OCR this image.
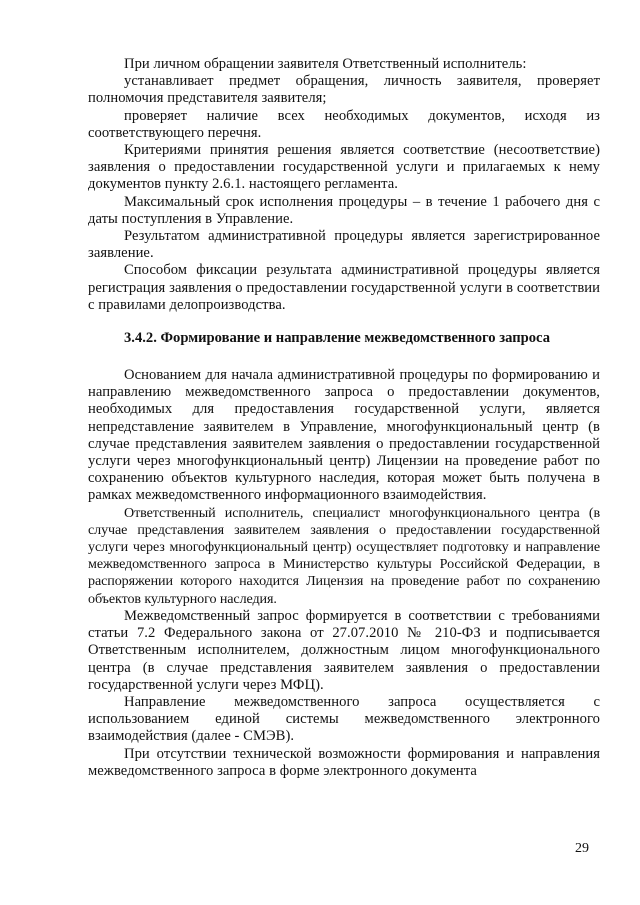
При личном обращении заявителя Ответственный исполнитель:

устанавливает предмет обращения, личность заявителя, проверяет полномочия представителя заявителя;

проверяет наличие всех необходимых документов, исходя из соответствующего перечня.

Критериями принятия решения является соответствие (несоответствие) заявления о предоставлении государственной услуги и прилагаемых к нему документов пункту 2.6.1. настоящего регламента.

Максимальный срок исполнения процедуры – в течение 1 рабочего дня с даты поступления в Управление.

Результатом административной процедуры является зарегистрированное заявление.

Способом фиксации результата административной процедуры является регистрация заявления о предоставлении государственной услуги в соответствии с правилами делопроизводства.

3.4.2. Формирование и направление межведомственного запроса

Основанием для начала административной процедуры по формированию и направлению межведомственного запроса о предоставлении документов, необходимых для предоставления государственной услуги, является непредставление заявителем в Управление, многофункциональный центр (в случае представления заявителем заявления о предоставлении государственной услуги через многофункциональный центр) Лицензии на проведение работ по сохранению объектов культурного наследия, которая может быть получена в рамках межведомственного информационного взаимодействия.

Ответственный исполнитель, специалист многофункционального центра (в случае представления заявителем заявления о предоставлении государственной услуги через многофункциональный центр) осуществляет подготовку и направление межведомственного запроса в Министерство культуры Российской Федерации, в распоряжении которого находится Лицензия на проведение работ по сохранению объектов культурного наследия.

Межведомственный запрос формируется в соответствии с требованиями статьи 7.2 Федерального закона от 27.07.2010 № 210-ФЗ и подписывается Ответственным исполнителем, должностным лицом многофункционального центра (в случае представления заявителем заявления о предоставлении государственной услуги через МФЦ).

Направление межведомственного запроса осуществляется с использованием единой системы межведомственного электронного взаимодействия (далее - СМЭВ).

При отсутствии технической возможности формирования и направления межведомственного запроса в форме электронного документа

29
